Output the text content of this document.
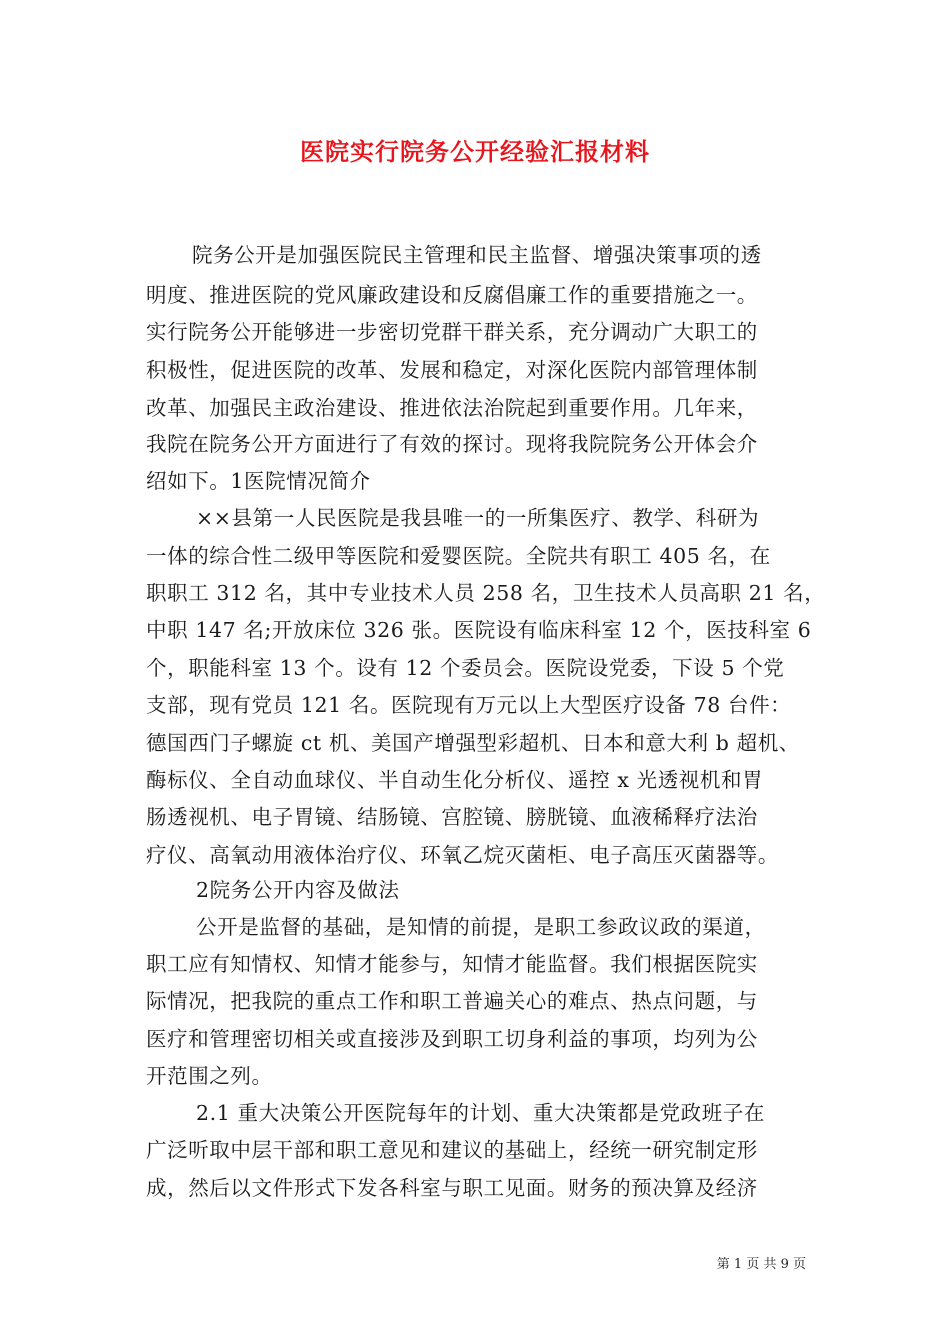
医院实行院务公开经验汇报材料
院务公开是加强医院民主管理和民主监督、增强决策事项的透
明度、推进医院的党风廉政建设和反腐倡廉工作的重要措施之一。
实行院务公开能够进一步密切党群干群关系，充分调动广大职工的
积极性，促进医院的改革、发展和稳定，对深化医院内部管理体制
改革、加强民主政治建设、推进依法治院起到重要作用。几年来，
我院在院务公开方面进行了有效的探讨。现将我院院务公开体会介
绍如下。1医院情况简介
××县第一人民医院是我县唯一的一所集医疗、教学、科研为
一体的综合性二级甲等医院和爱婴医院。全院共有职工 405 名，在
职职工 312 名，其中专业技术人员 258 名，卫生技术人员高职 21 名，
中职 147 名;开放床位 326 张。医院设有临床科室 12 个，医技科室 6
个，职能科室 13 个。设有 12 个委员会。医院设党委，下设 5 个党
支部，现有党员 121 名。医院现有万元以上大型医疗设备 78 台件：
德国西门子螺旋 ct 机、美国产增强型彩超机、日本和意大利 b 超机、
酶标仪、全自动血球仪、半自动生化分析仪、遥控 x 光透视机和胃
肠透视机、电子胃镜、结肠镜、宫腔镜、膀胱镜、血液稀释疗法治
疗仪、高氧动用液体治疗仪、环氧乙烷灭菌柜、电子高压灭菌器等。
2院务公开内容及做法
公开是监督的基础，是知情的前提，是职工参政议政的渠道，
职工应有知情权、知情才能参与，知情才能监督。我们根据医院实
际情况，把我院的重点工作和职工普遍关心的难点、热点问题，与
医疗和管理密切相关或直接涉及到职工切身利益的事项，均列为公
开范围之列。
2.1 重大决策公开医院每年的计划、重大决策都是党政班子在
广泛听取中层干部和职工意见和建议的基础上，经统一研究制定形
成，然后以文件形式下发各科室与职工见面。财务的预决算及经济
第 1 页 共 9 页
